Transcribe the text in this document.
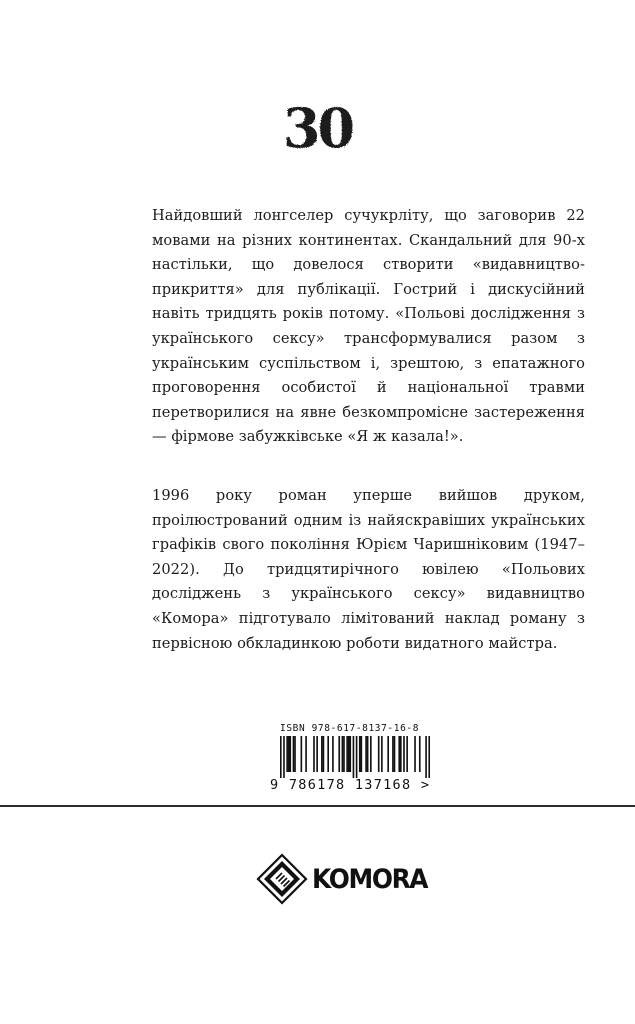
30

Найдовший лонгселер сучукрліту, що заговорив 22 мовами на різних континентах. Скандальний для 90-х настільки, що довелося створити «видавництво-прикриття» для публікації. Гострий і дискусійний навіть тридцять років потому. «Польові дослідження з українського сексу» трансформувалися разом з українським суспільством і, зрештою, з епатажного проговорення особистої й національної травми перетворилися на явне безкомпромісне застереження — фірмове забужківське «Я ж казала!».

1996 року роман уперше вийшов друком, проілюстрований одним із найяскравіших українських графіків свого покоління Юрієм Чаришніковим (1947–2022). До тридцятирічного ювілею «Польових досліджень з українського сексу» видавництво «Комора» підготувало лімітований наклад роману з первісною обкладинкою роботи видатного майстра.

ISBN 978-617-8137-16-8
9 786178 137168 >
KOMORA
